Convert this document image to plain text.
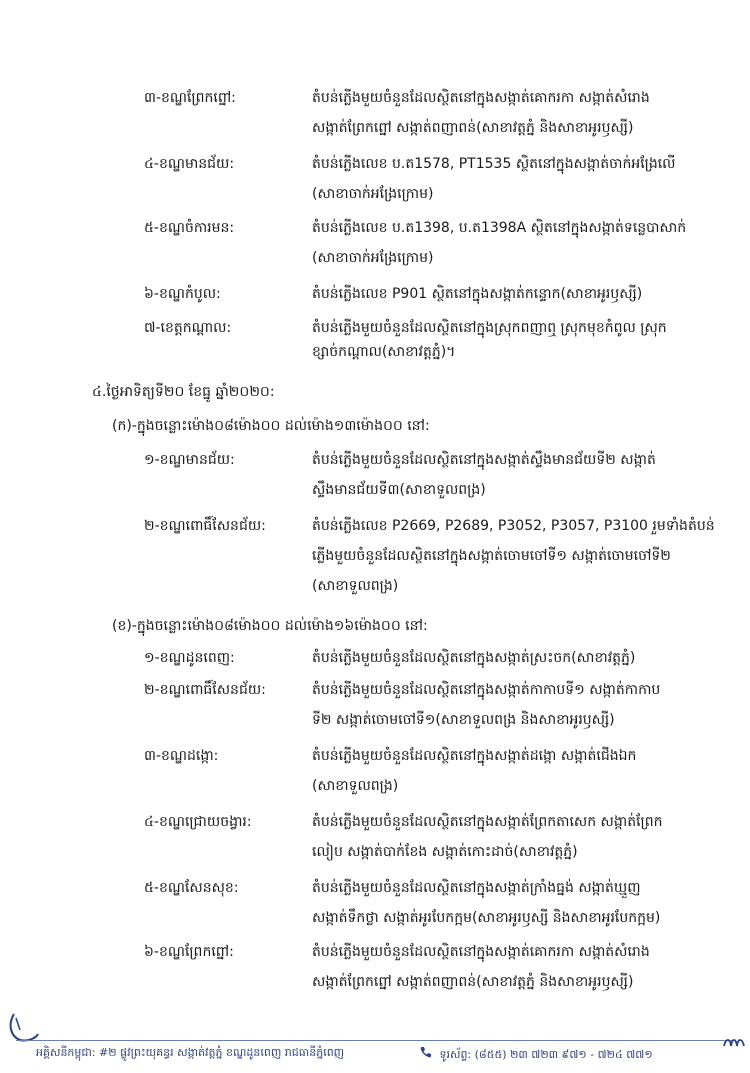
៣-ខណ្ឌព្រែកព្នៅ:	តំបន់ភ្លើងមួយចំនួនដែលស្ថិតនៅក្នុងសង្កាត់គោករកា សង្កាត់សំរោង
សង្កាត់ព្រែកព្នៅ សង្កាត់ពញាពន់(សាខាវត្តភ្នំ និងសាខាអូរឫស្សី)
៤-ខណ្ឌមានជ័យ:	តំបន់ភ្លើងលេខ ប.ត1578, PT1535 ស្ថិតនៅក្នុងសង្កាត់ចាក់អង្រែលើ
(សាខាចាក់អង្រែក្រោម)
៥-ខណ្ឌចំការមន:	តំបន់ភ្លើងលេខ ប.ត1398, ប.ត1398A ស្ថិតនៅក្នុងសង្កាត់ទន្លេបាសាក់
(សាខាចាក់អង្រែក្រោម)
៦-ខណ្ឌកំបូល:	តំបន់ភ្លើងលេខ P901 ស្ថិតនៅក្នុងសង្កាត់កន្ទោក(សាខាអូរឫស្សី)
៧-ខេត្តកណ្ដាល:	តំបន់ភ្លើងមួយចំនួនដែលស្ថិតនៅក្នុងស្រុកពញាឮ ស្រុកមុខកំពូល ស្រុក
ខ្សាច់កណ្ដាល(សាខាវត្តភ្នំ)។
៤.ថ្ងៃអាទិត្យទី២០ ខែធ្នូ ឆ្នាំ២០២០:
(ក)-ក្នុងចន្លោះម៉ោង០៨ម៉ោង០០ ដល់ម៉ោង១៣ម៉ោង០០ នៅ:
១-ខណ្ឌមានជ័យ:	តំបន់ភ្លើងមួយចំនួនដែលស្ថិតនៅក្នុងសង្កាត់ស្ទឹងមានជ័យទី២ សង្កាត់
ស្ទឹងមានជ័យទី៣(សាខាទួលពង្រ)
២-ខណ្ឌពោធិ៍សែនជ័យ:	តំបន់ភ្លើងលេខ P2669, P2689, P3052, P3057, P3100 រួមទាំងតំបន់
ភ្លើងមួយចំនួនដែលស្ថិតនៅក្នុងសង្កាត់ចោមចៅទី១ សង្កាត់ចោមចៅទី២
(សាខាទួលពង្រ)
(ខ)-ក្នុងចន្លោះម៉ោង០៨ម៉ោង០០ ដល់ម៉ោង១៦ម៉ោង០០ នៅ:
១-ខណ្ឌដូនពេញ:	តំបន់ភ្លើងមួយចំនួនដែលស្ថិតនៅក្នុងសង្កាត់ស្រះចក(សាខាវត្តភ្នំ)
២-ខណ្ឌពោធិ៍សែនជ័យ:	តំបន់ភ្លើងមួយចំនួនដែលស្ថិតនៅក្នុងសង្កាត់កាកាបទី១ សង្កាត់កាកាប
ទី២ សង្កាត់ចោមចៅទី១(សាខាទួលពង្រ និងសាខាអូរឫស្សី)
៣-ខណ្ឌដង្កោ:	តំបន់ភ្លើងមួយចំនួនដែលស្ថិតនៅក្នុងសង្កាត់ដង្កោ សង្កាត់ជើងឯក
(សាខាទួលពង្រ)
៤-ខណ្ឌជ្រោយចង្វារ:	តំបន់ភ្លើងមួយចំនួនដែលស្ថិតនៅក្នុងសង្កាត់ព្រែកតាសេក សង្កាត់ព្រែក
លៀប សង្កាត់បាក់ខែង សង្កាត់កោះដាច់(សាខាវត្តភ្នំ)
៥-ខណ្ឌសែនសុខ:	តំបន់ភ្លើងមួយចំនួនដែលស្ថិតនៅក្នុងសង្កាត់ក្រាំងធ្នង់ សង្កាត់ឃ្មួញ
សង្កាត់ទឹកថ្លា សង្កាត់អូរបែកក្អម(សាខាអូរឫស្សី និងសាខាអូរបែកក្អម)
៦-ខណ្ឌព្រែកព្នៅ:	តំបន់ភ្លើងមួយចំនួនដែលស្ថិតនៅក្នុងសង្កាត់គោករកា សង្កាត់សំរោង
សង្កាត់ព្រែកព្នៅ សង្កាត់ពញាពន់(សាខាវត្តភ្នំ និងសាខាអូរឫស្សី)
អគ្គិសនីកម្ពុជា: #២ ផ្លូវព្រះយុគន្ធរ សង្កាត់វត្តភ្នំ ខណ្ឌដូនពេញ រាជធានីភ្នំពេញ	ទូរស័ព្ទ: (៨៥៥) ២៣ ៧២៣ ៩៧១ - ៧២៤ ៧៧១
